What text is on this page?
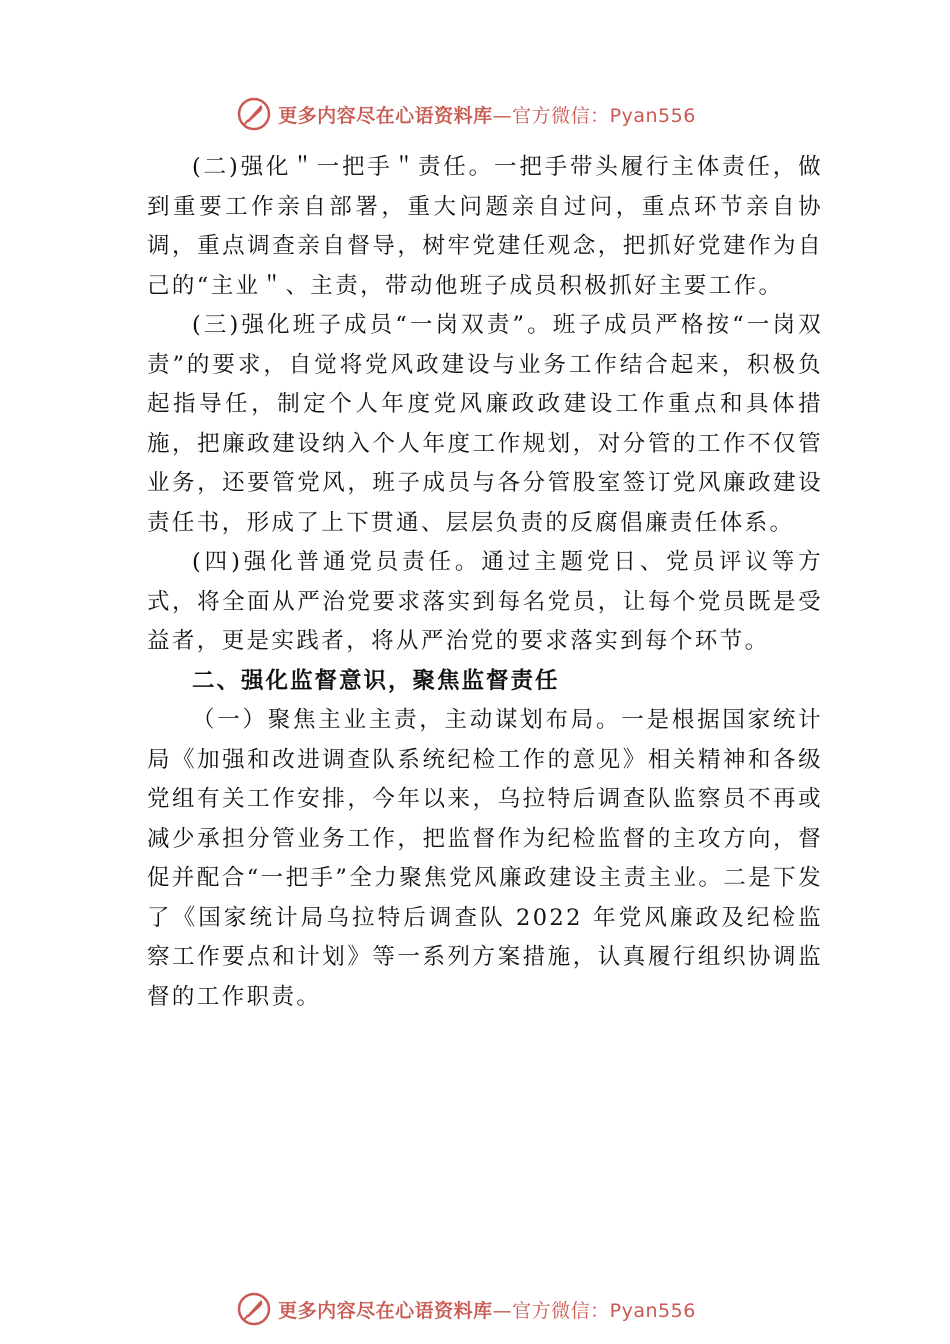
更多内容尽在心语资料库—官方微信：Pyan556

(二)强化＂一把手＂责任。一把手带头履行主体责任，做到重要工作亲自部署，重大问题亲自过问，重点环节亲自协调，重点调查亲自督导，树牢党建任观念，把抓好党建作为自己的“主业＂、主责，带动他班子成员积极抓好主要工作。

(三)强化班子成员“一岗双责”。班子成员严格按“一岗双责”的要求，自觉将党风政建设与业务工作结合起来，积极负起指导任，制定个人年度党风廉政政建设工作重点和具体措施，把廉政建设纳入个人年度工作规划，对分管的工作不仅管业务，还要管党风，班子成员与各分管股室签订党风廉政建设责任书，形成了上下贯通、层层负责的反腐倡廉责任体系。

(四)强化普通党员责任。通过主题党日、党员评议等方式，将全面从严治党要求落实到每名党员，让每个党员既是受益者，更是实践者，将从严治党的要求落实到每个环节。

二、强化监督意识，聚焦监督责任

（一）聚焦主业主责，主动谋划布局。一是根据国家统计局《加强和改进调查队系统纪检工作的意见》相关精神和各级党组有关工作安排，今年以来，乌拉特后调查队监察员不再或减少承担分管业务工作，把监督作为纪检监督的主攻方向，督促并配合“一把手”全力聚焦党风廉政建设主责主业。二是下发了《国家统计局乌拉特后调查队 2022 年党风廉政及纪检监察工作要点和计划》等一系列方案措施，认真履行组织协调监督的工作职责。

更多内容尽在心语资料库—官方微信：Pyan556
